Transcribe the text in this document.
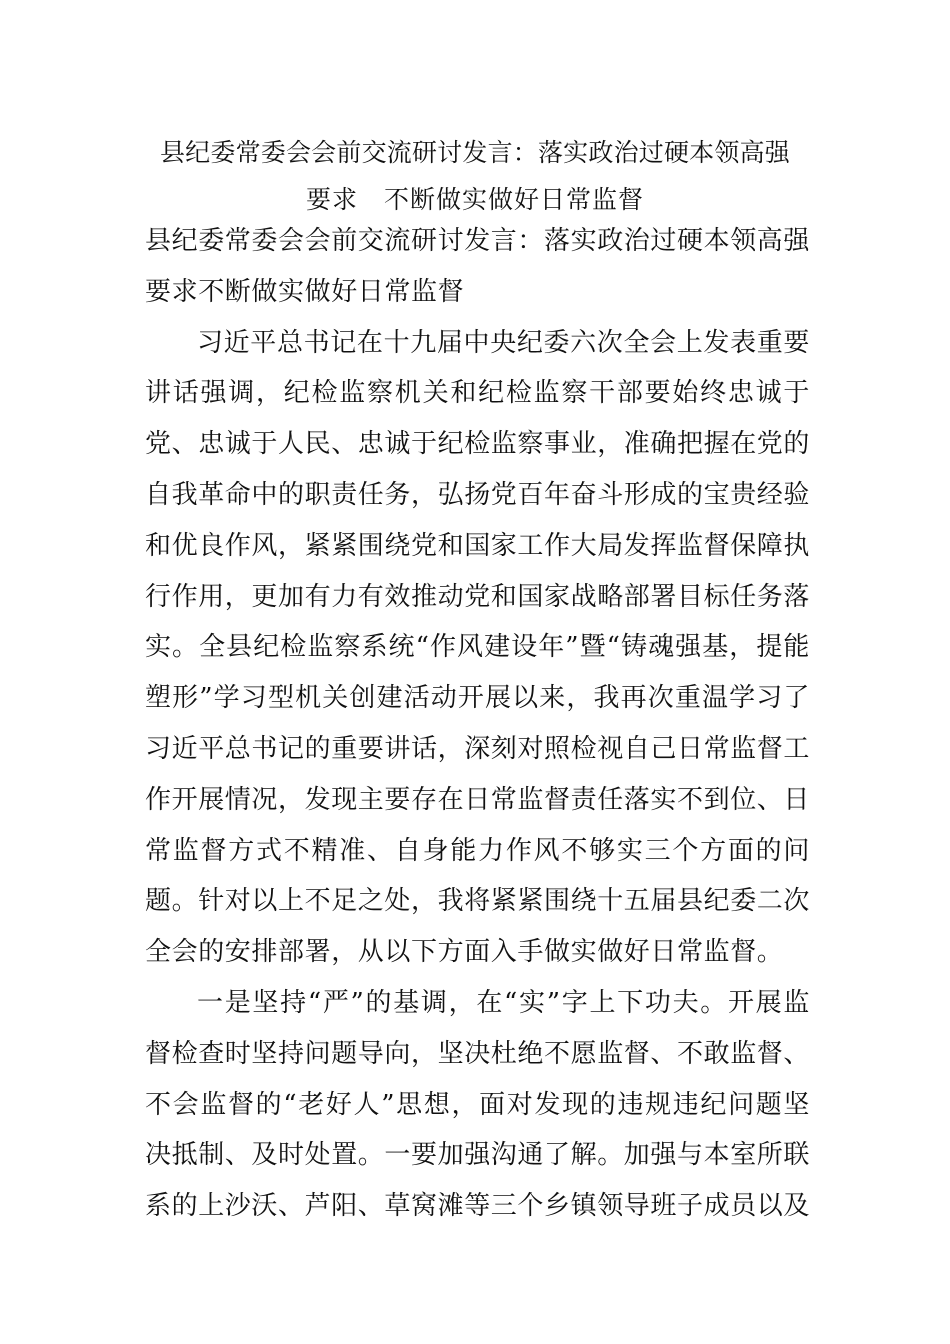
县纪委常委会会前交流研讨发言：落实政治过硬本领高强
要求　不断做实做好日常监督

县纪委常委会会前交流研讨发言：落实政治过硬本领高强要求不断做实做好日常监督

习近平总书记在十九届中央纪委六次全会上发表重要讲话强调，纪检监察机关和纪检监察干部要始终忠诚于党、忠诚于人民、忠诚于纪检监察事业，准确把握在党的自我革命中的职责任务，弘扬党百年奋斗形成的宝贵经验和优良作风，紧紧围绕党和国家工作大局发挥监督保障执行作用，更加有力有效推动党和国家战略部署目标任务落实。全县纪检监察系统“作风建设年”暨“铸魂强基，提能塑形”学习型机关创建活动开展以来，我再次重温学习了习近平总书记的重要讲话，深刻对照检视自己日常监督工作开展情况，发现主要存在日常监督责任落实不到位、日常监督方式不精准、自身能力作风不够实三个方面的问题。针对以上不足之处，我将紧紧围绕十五届县纪委二次全会的安排部署，从以下方面入手做实做好日常监督。

一是坚持“严”的基调，在“实”字上下功夫。开展监督检查时坚持问题导向，坚决杜绝不愿监督、不敢监督、不会监督的“老好人”思想，面对发现的违规违纪问题坚决抵制、及时处置。一要加强沟通了解。加强与本室所联系的上沙沃、芦阳、草窝滩等三个乡镇领导班子成员以及
